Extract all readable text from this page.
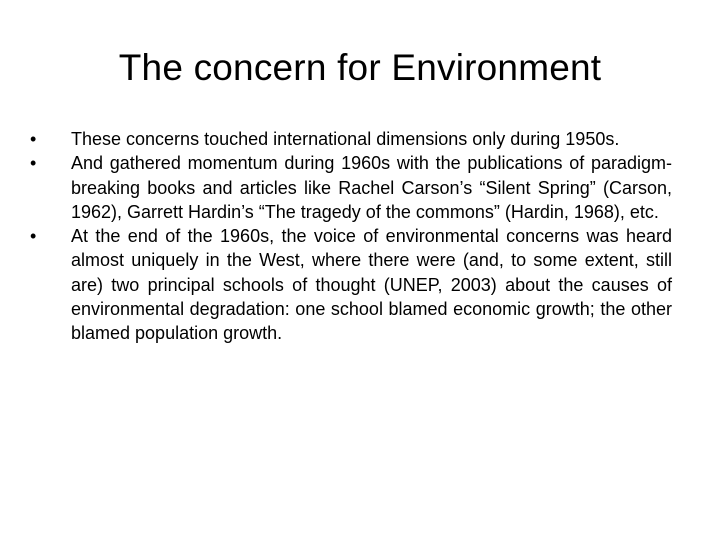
The concern for Environment
•	These concerns touched international dimensions only during 1950s.
•	And gathered momentum during 1960s with the publications of paradigm-breaking books and articles like Rachel Carson’s “Silent Spring” (Carson, 1962), Garrett Hardin’s “The tragedy of the commons” (Hardin, 1968), etc.
•	At the end of the 1960s, the voice of environmental concerns was heard almost uniquely in the West, where there were (and, to some extent, still are) two principal schools of thought (UNEP, 2003) about the causes of environmental degradation: one school blamed economic growth; the other blamed population growth.
